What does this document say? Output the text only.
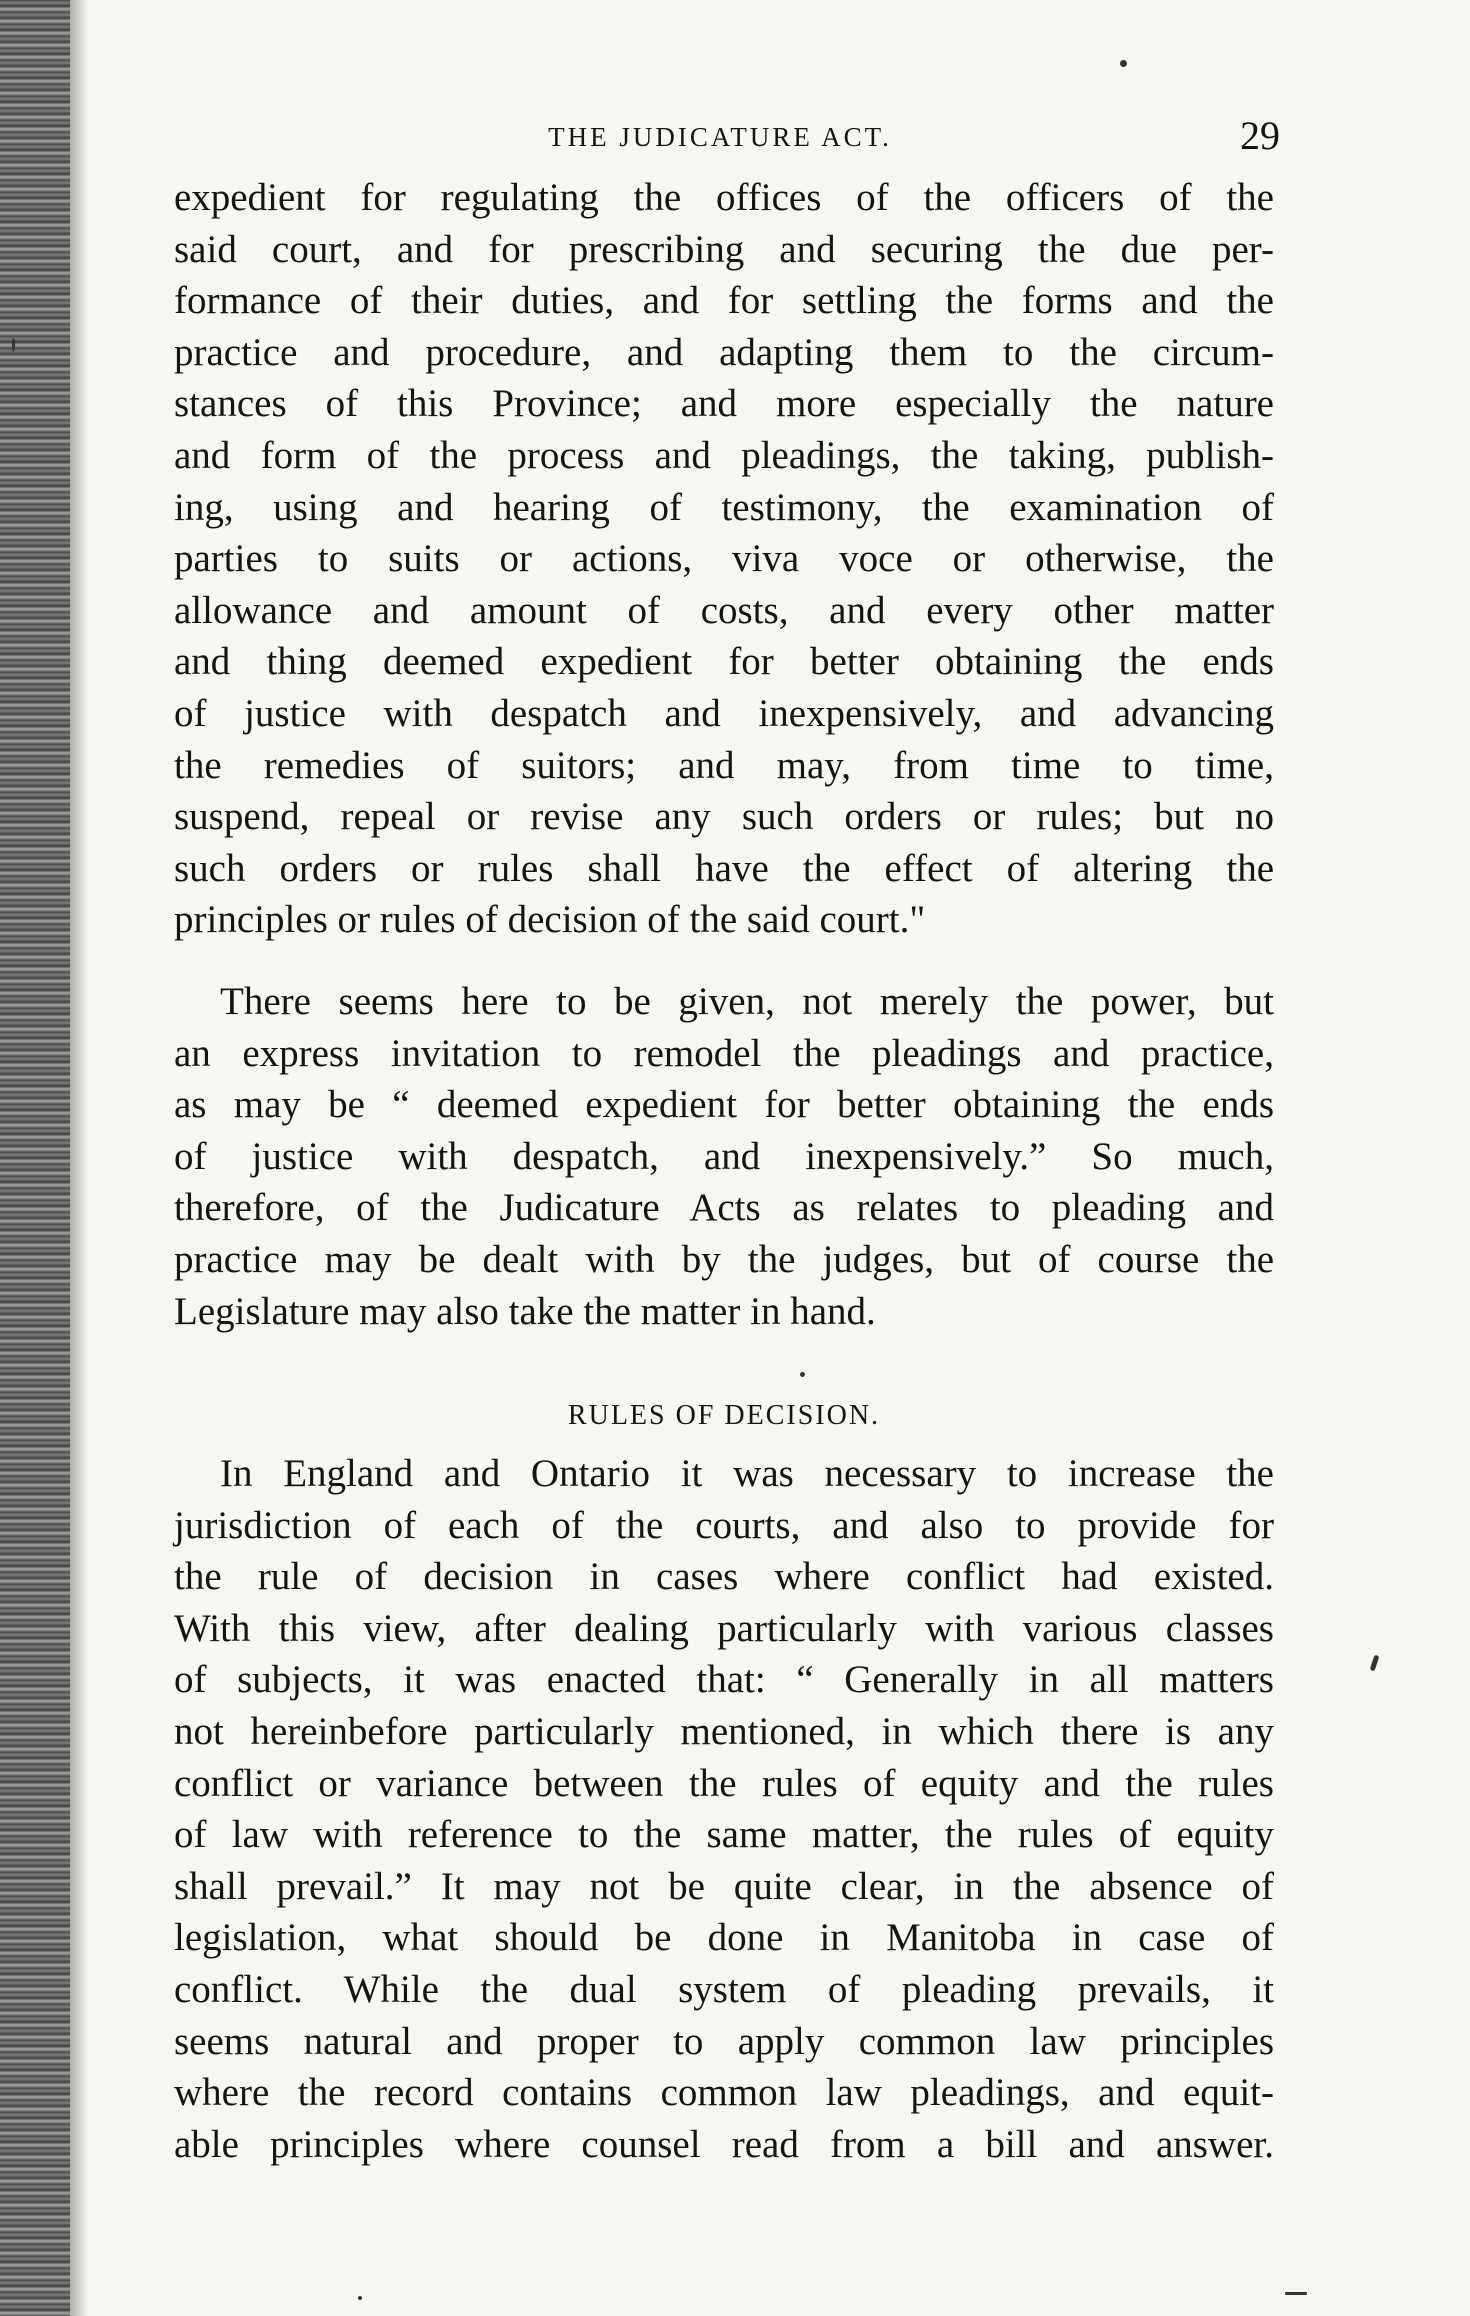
THE JUDICATURE ACT.	29
expedient for regulating the offices of the officers of the
said court, and for prescribing and securing the due per-
formance of their duties, and for settling the forms and the
practice and procedure, and adapting them to the circum-
stances of this Province; and more especially the nature
and form of the process and pleadings, the taking, publish-
ing, using and hearing of testimony, the examination of
parties to suits or actions, viva voce or otherwise, the
allowance and amount of costs, and every other matter
and thing deemed expedient for better obtaining the ends
of justice with despatch and inexpensively, and advancing
the remedies of suitors; and may, from time to time,
suspend, repeal or revise any such orders or rules; but no
such orders or rules shall have the effect of altering the
principles or rules of decision of the said court."
There seems here to be given, not merely the power, but
an express invitation to remodel the pleadings and practice,
as may be “ deemed expedient for better obtaining the ends
of justice with despatch, and inexpensively.” So much,
therefore, of the Judicature Acts as relates to pleading and
practice may be dealt with by the judges, but of course the
Legislature may also take the matter in hand.
RULES OF DECISION.
In England and Ontario it was necessary to increase the
jurisdiction of each of the courts, and also to provide for
the rule of decision in cases where conflict had existed.
With this view, after dealing particularly with various classes
of subjects, it was enacted that: “ Generally in all matters
not hereinbefore particularly mentioned, in which there is any
conflict or variance between the rules of equity and the rules
of law with reference to the same matter, the rules of equity
shall prevail.” It may not be quite clear, in the absence of
legislation, what should be done in Manitoba in case of
conflict. While the dual system of pleading prevails, it
seems natural and proper to apply common law principles
where the record contains common law pleadings, and equit-
able principles where counsel read from a bill and answer.
